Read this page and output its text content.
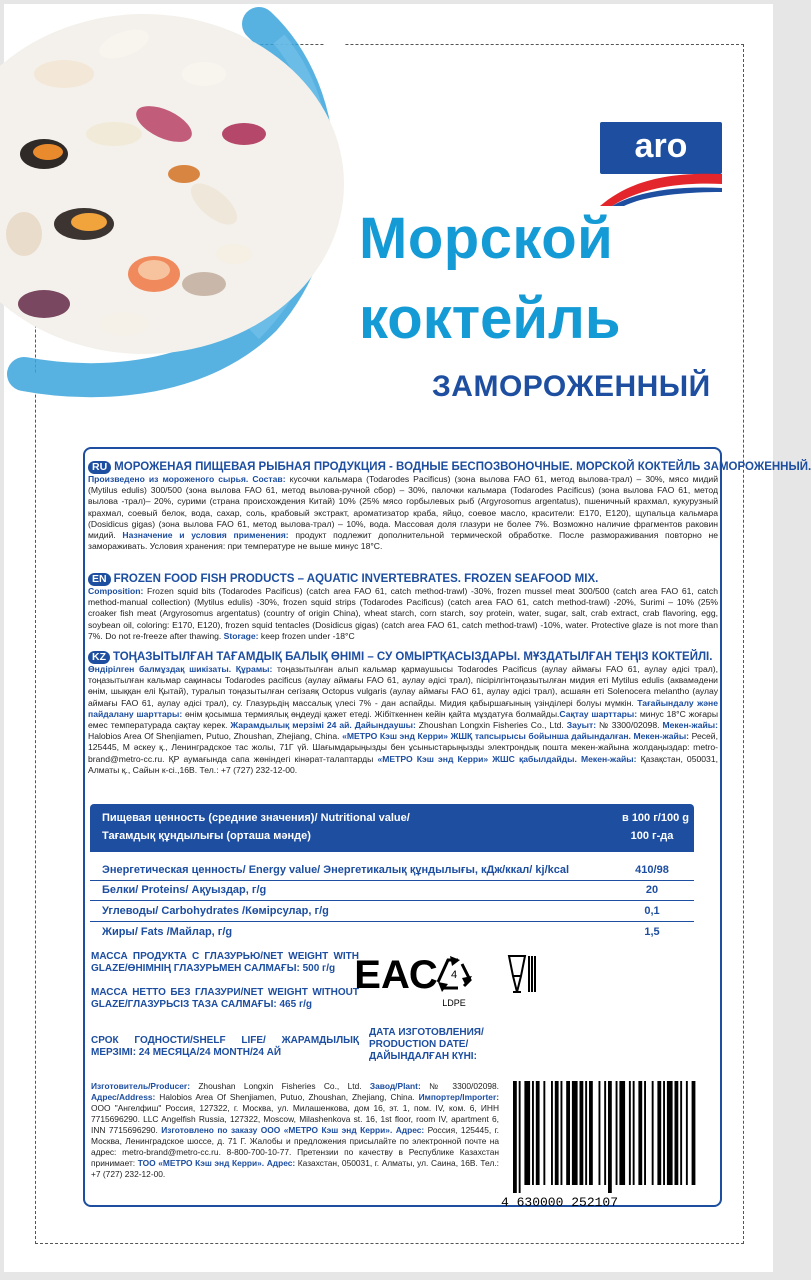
aro
Морской
коктейль
ЗАМОРОЖЕННЫЙ
RU МОРОЖЕНАЯ ПИЩЕВАЯ РЫБНАЯ ПРОДУКЦИЯ - ВОДНЫЕ БЕСПОЗВОНОЧНЫЕ. МОРСКОЙ КОКТЕЙЛЬ ЗАМОРОЖЕННЫЙ.

Произведено из мороженого сырья. Состав: кусочки кальмара (Todarodes Pacificus) (зона вылова FAO 61, метод вылова-трал) – 30%, мясо мидий (Mytilus edulis) 300/500 (зона вылова FAO 61, метод вылова-ручной сбор) – 30%, палочки кальмара (Todarodes Pacificus) (зона вылова FAO 61, метод вылова -трал)– 20%, сурими (страна происхождения Китай) 10% (25% мясо горбылевых рыб (Argyrosomus argentatus), пшеничный крахмал, кукурузный крахмал, соевый белок, вода, сахар, соль, крабовый экстракт, ароматизатор краба, яйцо, соевое масло, красители: E170, E120), щупальца кальмара (Dosidicus gigas) (зона вылова FAO 61, метод вылова-трал) – 10%, вода. Массовая доля глазури не более 7%. Возможно наличие фрагментов раковин мидий. Назначение и условия применения: продукт подлежит дополнительной термической обработке. После размораживания повторно не замораживать. Условия хранения: при температуре не выше минус 18°С.

EN FROZEN FOOD FISH PRODUCTS – AQUATIC INVERTEBRATES. FROZEN SEAFOOD MIX.

Composition: Frozen squid bits (Todarodes Pacificus) (catch area FAO 61, catch method-trawl) -30%, frozen mussel meat 300/500 (catch area FAO 61, catch method-manual collection) (Mytilus edulis) -30%, frozen squid strips (Todarodes Pacificus) (catch area FAO 61, catch method-trawl) -20%, Surimi – 10% (25% croaker fish meat (Argyrosomus argentatus) (country of origin China), wheat starch, corn starch, soy protein, water, sugar, salt, crab extract, crab flavoring, egg, soybean oil, coloring: E170, E120), frozen squid tentacles (Dosidicus gigas) (catch area FAO 61, catch method-trawl) -10%, water. Protective glaze is not more than 7%. Do not re-freeze after thawing. Storage: keep frozen under -18°С

KZ ТОҢАЗЫТЫЛҒАН ТАҒАМДЫҚ БАЛЫҚ ӨНІМІ – СУ ОМЫРТҚАСЫЗДАРЫ. МҰЗДАТЫЛҒАН ТЕҢІЗ КОКТЕЙЛІ.

Өндірілген балмұздақ шикізаты. Құрамы: тоңазытылған алып кальмар қармаушысы Todarodes Pacificus (аулау аймағы FAO 61, аулау әдісі трал), тоңазытылған кальмар сақинасы Todarodes pacificus (аулау аймағы FAO 61, аулау әдісі трал), пісірілгінтоңазытылған мидия еті Mytilus edulis (аквамәдени өнім, шыққан елі Қытай), туралып тоңазытылған сегізаяқ Octopus vulgaris (аулау аймағы FAO 61, аулау әдісі трал), асшаян еті Solenocera melantho (аулау аймағы FAO 61, аулау әдісі трал), су. Глазурьдің массалық үлесі 7% - дан аспайды. Мидия қабыршағының үзінділері болуы мүмкін. Тағайындалу және пайдалану шарттары: өнім қосымша термиялық өңдеуді қажет етеді. Жібіткеннен кейін қайта мұздатуға болмайды.Сақтау шарттары: минус 18°С жоғары емес температурада сақтау керек. Жарамдылық мерзімі 24 ай. Дайындаушы: Zhoushan Longxin Fisheries Co., Ltd. Зауыт: № 3300/02098. Мекен-жайы: Halobios Area Of Shenjiamen, Putuo, Zhoushan, Zhejiang, China. «МЕТРО Кэш энд Керри» ЖШҚ тапсырысы бойынша дайындалған. Мекен-жайы: Ресей, 125445, М әскеу қ., Ленинградское тас жолы, 71Г үй. Шағымдарыңызды бен ұсыныстарыңызды электрондық пошта мекен-жайына жолдаңыздар: metro-brand@metro-cc.ru. ҚР аумағында сапа жөніндегі кінәрат-талаптарды «МЕТРО Кэш энд Керри» ЖШС қабылдайды. Мекен-жайы: Қазақстан, 050031, Алматы қ., Сайын к-сі.,16В. Тел.: +7 (727) 232-12-00.

Пищевая ценность (средние значения)/ Nutritional value/	в 100 г/100 g
Тағамдық құндылығы (орташа мәнде)	100 г-да
Энергетическая ценность/ Energy value/ Энергетикалық құндылығы, кДж/ккал/ kj/kcal	410/98
Белки/ Proteins/ Ақуыздар, г/g	20
Углеводы/ Carbohydrates /Көмірсулар, г/g	0,1
Жиры/ Fats /Майлар, г/g	1,5
МАССА ПРОДУКТА С ГЛАЗУРЬЮ/NET WEIGHT WITH GLAZE/ӨНІМНІҢ ГЛАЗУРЬМЕН САЛМАҒЫ: 500 г/g
МАССА НЕТТО БЕЗ ГЛАЗУРИ/NET WEIGHT WITHOUT GLAZE/ГЛАЗУРЬСІЗ ТАЗА САЛМАҒЫ: 465 г/g
СРОК ГОДНОСТИ/SHELF LIFE/ ЖАРАМДЫЛЫҚ МЕРЗІМІ: 24 МЕСЯЦА/24 MONTH/24 АЙ
ЕАС 4
LDPE
ДАТА ИЗГОТОВЛЕНИЯ/ PRODUCTION DATE/ ДАЙЫНДАЛҒАН КҮНІ:
Изготовитель/Producer: Zhoushan Longxin Fisheries Co., Ltd. Завод/Plant: № 3300/02098. Адрес/Address: Halobios Area Of Shenjiamen, Putuo, Zhoushan, Zhejiang, China. Импортер/Importer: ООО "Ангелфиш" Россия, 127322, г. Москва, ул. Милашенкова, дом 16, эт. 1, пом. IV, ком. 6, ИНН 7715696290. LLC Angelfish Russia, 127322, Moscow, Milashenkova st. 16, 1st floor, room IV, apartment 6, INN 7715696290. Изготовлено по заказу ООО «МЕТРО Кэш энд Керри». Адрес: Россия, 125445, г. Москва, Ленинградское шоссе, д. 71 Г. Жалобы и предложения присылайте по электронной почте на адрес: metro-brand@metro-cc.ru. 8-800-700-10-77. Претензии по качеству в Республике Казахстан принимает: ТОО «МЕТРО Кэш энд Керри». Адрес: Казахстан, 050031, г. Алматы, ул. Саина, 16В. Тел.: +7 (727) 232-12-00.
4 630000 252107
